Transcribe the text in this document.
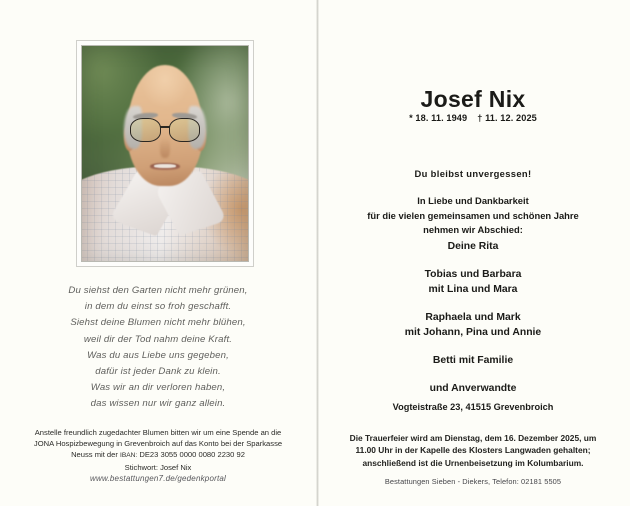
Du siehst den Garten nicht mehr grünen,
in dem du einst so froh geschafft.
Siehst deine Blumen nicht mehr blühen,
weil dir der Tod nahm deine Kraft.
Was du aus Liebe uns gegeben,
dafür ist jeder Dank zu klein.
Was wir an dir verloren haben,
das wissen nur wir ganz allein.
Anstelle freundlich zugedachter Blumen bitten wir um eine Spende an die
JONA Hospizbewegung in Grevenbroich auf das Konto bei der Sparkasse
Neuss mit der IBAN: DE23 3055 0000 0080 2230 92
Stichwort: Josef Nix
www.bestattungen7.de/gedenkportal
Josef Nix
* 18. 11. 1949 † 11. 12. 2025
Du bleibst unvergessen!
In Liebe und Dankbarkeit
für die vielen gemeinsamen und schönen Jahre
nehmen wir Abschied:
Deine Rita
Tobias und Barbara
mit Lina und Mara
Raphaela und Mark
mit Johann, Pina und Annie
Betti mit Familie
und Anverwandte
Vogteistraße 23, 41515 Grevenbroich
Die Trauerfeier wird am Dienstag, dem 16. Dezember 2025, um
11.00 Uhr in der Kapelle des Klosters Langwaden gehalten;
anschließend ist die Urnenbeisetzung im Kolumbarium.
Bestattungen Sieben - Diekers, Telefon: 02181 5505
